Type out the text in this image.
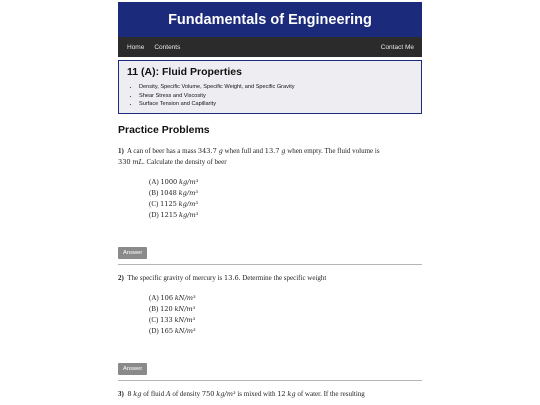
Fundamentals of Engineering
Home Contents	Contact Me
11 (A): Fluid Properties
• Density, Specific Volume, Specific Weight, and Specific Gravity
• Shear Stress and Viscosity
• Surface Tension and Capillarity
Practice Problems
1) A can of beer has a mass 343.7 g when full and 13.7 g when empty. The fluid volume is
330 mL. Calculate the density of beer
(A) 1000 kg/m³
(B) 1048 kg/m³
(C) 1125 kg/m³
(D) 1215 kg/m³
Answer
2) The specific gravity of mercury is 13.6. Determine the specific weight
(A) 106 kN/m³
(B) 120 kN/m³
(C) 133 kN/m³
(D) 165 kN/m³
Answer
3) 8 kg of fluid A of density 750 kg/m³ is mixed with 12 kg of water. If the resulting
